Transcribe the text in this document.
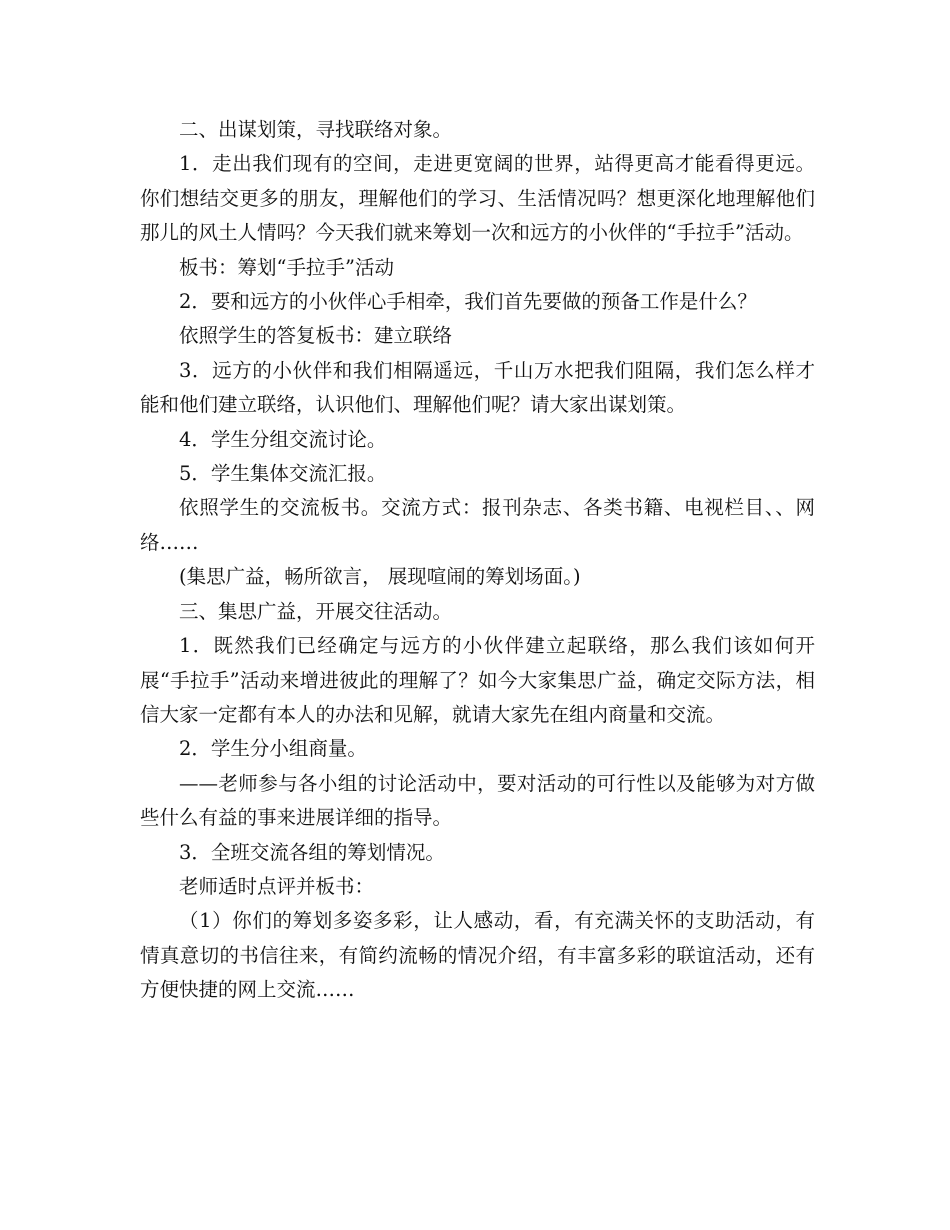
二、出谋划策，寻找联络对象。

1．走出我们现有的空间，走进更宽阔的世界，站得更高才能看得更远。你们想结交更多的朋友，理解他们的学习、生活情况吗？想更深化地理解他们那儿的风土人情吗？今天我们就来筹划一次和远方的小伙伴的“手拉手”活动。

板书：筹划“手拉手”活动

2．要和远方的小伙伴心手相牵，我们首先要做的预备工作是什么？

依照学生的答复板书：建立联络

3．远方的小伙伴和我们相隔遥远，千山万水把我们阻隔，我们怎么样才能和他们建立联络，认识他们、理解他们呢？请大家出谋划策。

4．学生分组交流讨论。

5．学生集体交流汇报。

依照学生的交流板书。交流方式：报刊杂志、各类书籍、电视栏目、、网络……

(集思广益，畅所欲言， 展现喧闹的筹划场面。)

三、集思广益，开展交往活动。

1．既然我们已经确定与远方的小伙伴建立起联络，那么我们该如何开展“手拉手”活动来增进彼此的理解了？如今大家集思广益，确定交际方法，相信大家一定都有本人的办法和见解，就请大家先在组内商量和交流。

2．学生分小组商量。

——老师参与各小组的讨论活动中，要对活动的可行性以及能够为对方做些什么有益的事来进展详细的指导。

3．全班交流各组的筹划情况。

老师适时点评并板书：

（1）你们的筹划多姿多彩，让人感动，看，有充满关怀的支助活动，有情真意切的书信往来，有简约流畅的情况介绍，有丰富多彩的联谊活动，还有方便快捷的网上交流……
